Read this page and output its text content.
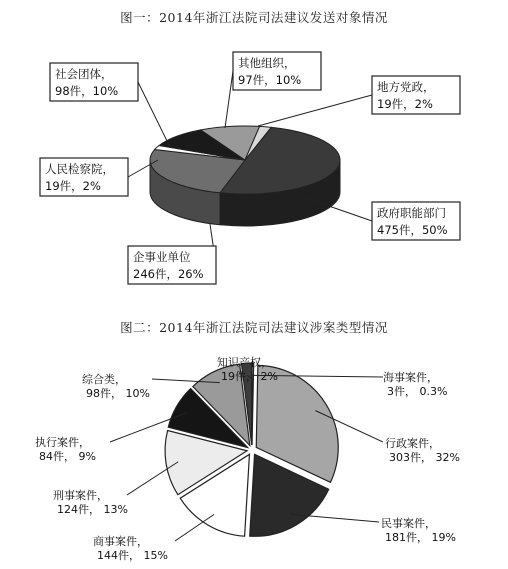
图一：2014年浙江法院司法建议发送对象情况
图二：2014年浙江法院司法建议涉案类型情况
政府职能部门
475件，50%
企事业单位
246件，26%
人民检察院，
19件，2%
社会团体，
98件，10%
其他组织，
97件，10%	地方党政，
19件，2%
海事案件，
3件， 0.3%
行政案件，
303件， 32%
民事案件，
181件， 19%
商事案件，
144件， 15%
刑事案件，
124件， 13%
执行案件，
84件， 9%
综合类，
98件， 10%
知识产权，
19件， 2%
